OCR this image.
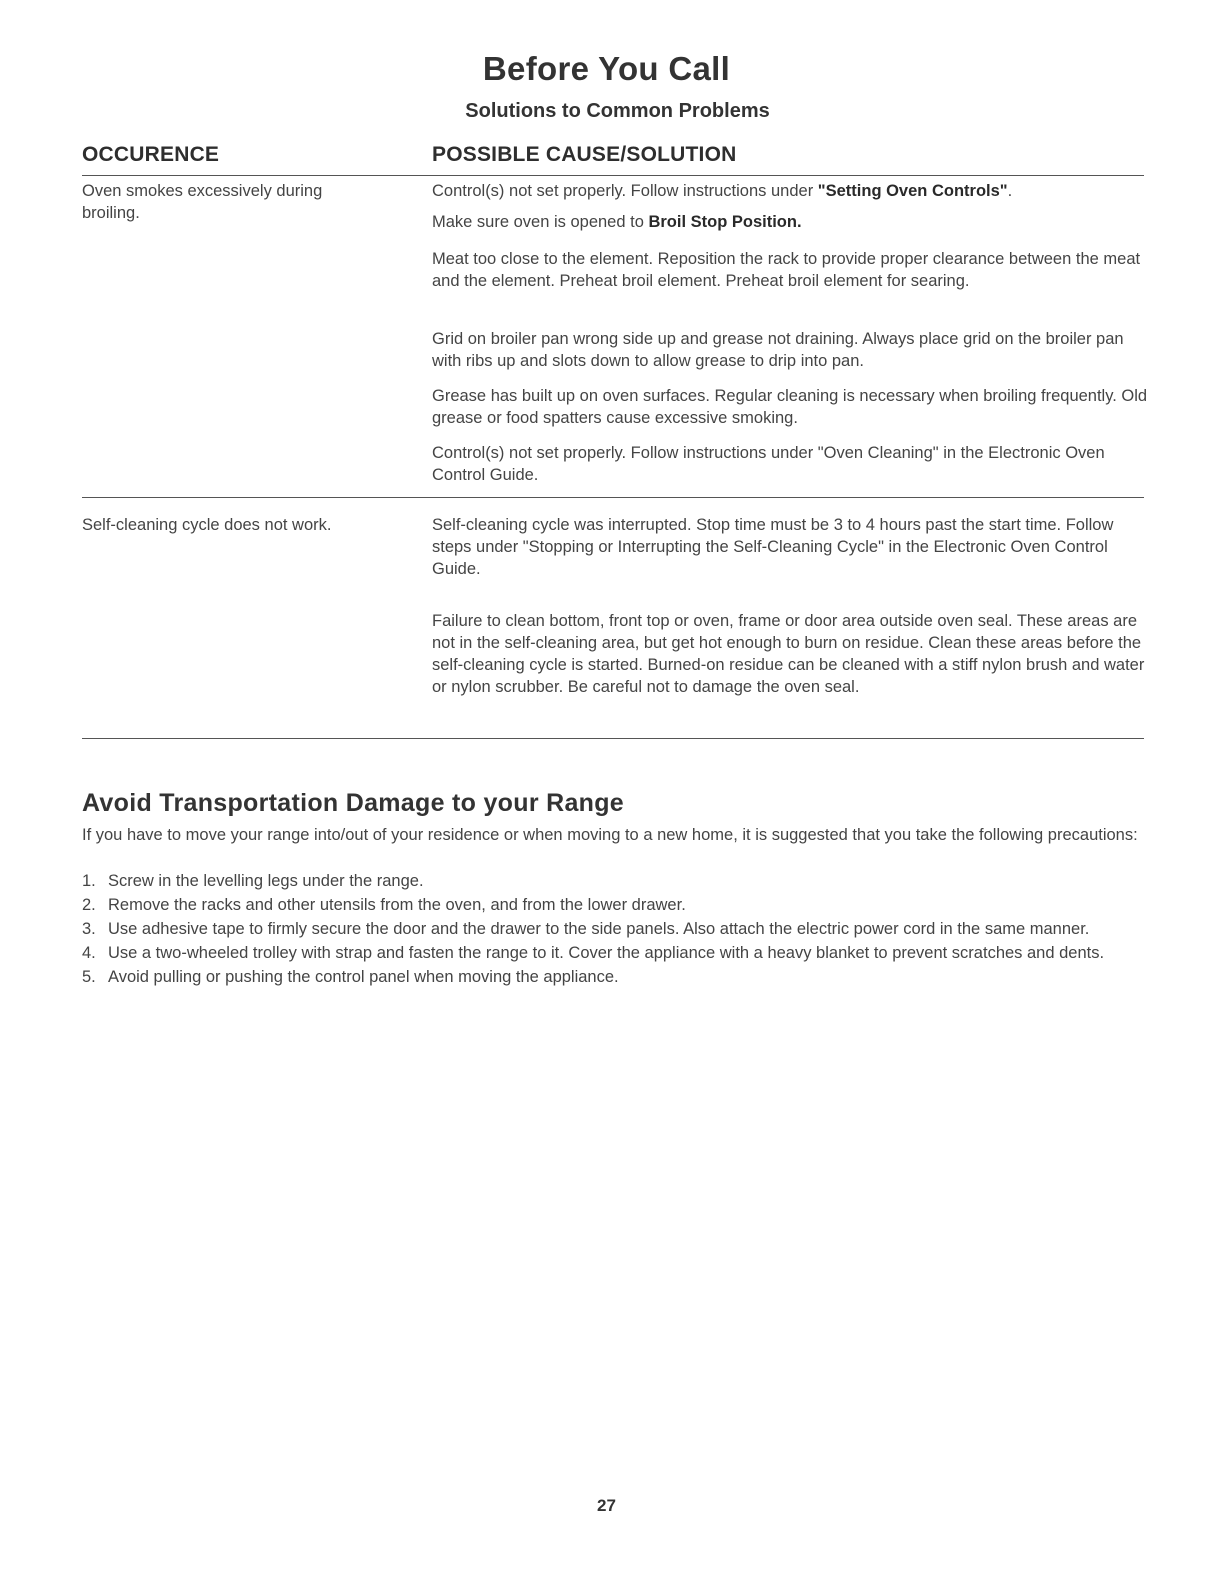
Before You Call
Solutions to Common Problems
OCCURENCE	POSSIBLE CAUSE/SOLUTION
Oven smokes excessively during broiling.
Control(s) not set properly. Follow instructions under "Setting Oven Controls".
Make sure oven is opened to Broil Stop Position.
Meat too close to the element. Reposition the rack to provide proper clearance between the meat and the element. Preheat broil element. Preheat broil element for searing.
Grid on broiler pan wrong side up and grease not draining. Always place grid on the broiler pan with ribs up and slots down to allow grease to drip into pan.
Grease has built up on oven surfaces. Regular cleaning is necessary when broiling frequently. Old grease or food spatters cause excessive smoking.
Control(s) not set properly. Follow instructions under "Oven Cleaning" in the Electronic Oven Control Guide.
Self-cleaning cycle does not work.	Self-cleaning cycle was interrupted. Stop time must be 3 to 4 hours past the start time. Follow steps under "Stopping or Interrupting the Self-Cleaning Cycle" in the Electronic Oven Control Guide.
Failure to clean bottom, front top or oven, frame or door area outside oven seal. These areas are not in the self-cleaning area, but get hot enough to burn on residue. Clean these areas before the self-cleaning cycle is started. Burned-on residue can be cleaned with a stiff nylon brush and water or nylon scrubber. Be careful not to damage the oven seal.
Avoid Transportation Damage to your Range
If you have to move your range into/out of your residence or when moving to a new home, it is suggested that you take the following precautions:
1. Screw in the levelling legs under the range.
2. Remove the racks and other utensils from the oven, and from the lower drawer.
3. Use adhesive tape to firmly secure the door and the drawer to the side panels. Also attach the electric power cord in the same manner.
4. Use a two-wheeled trolley with strap and fasten the range to it. Cover the appliance with a heavy blanket to prevent scratches and dents.
5. Avoid pulling or pushing the control panel when moving the appliance.
27
